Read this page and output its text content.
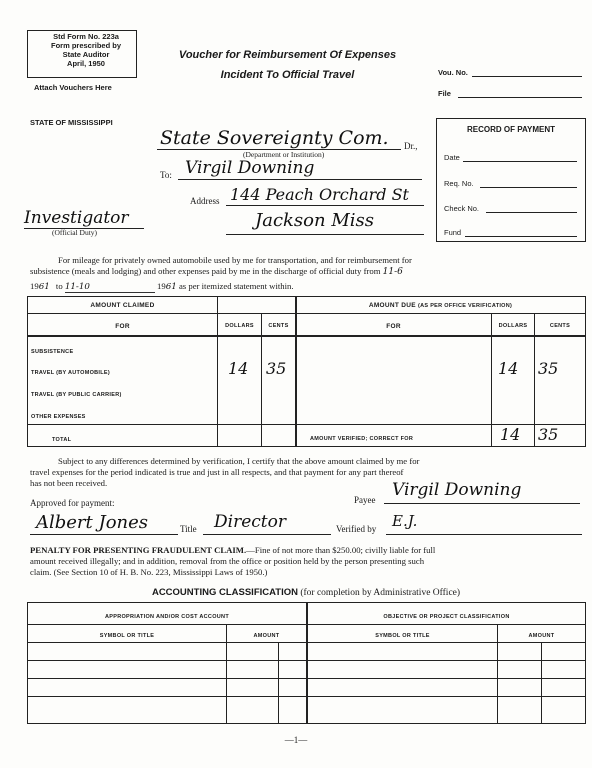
Std Form No. 223a
Form prescribed by
State Auditor
April, 1950
Attach Vouchers Here
Voucher for Reimbursement Of Expenses
Incident To Official Travel	Vou. No.
File
STATE OF MISSISSIPPI
State Sovereignty Com. Dr.,
(Department or Institution)
To: Virgil Downing
Address 144 Peach Orchard St
Jackson Miss
Investigator
(Official Duty)
RECORD OF PAYMENT
Date
Req. No.
Check No.
Fund
For mileage for privately owned automobile used by me for transportation, and for reimbursement for
subsistence (meals and lodging) and other expenses paid by me in the discharge of official duty from 11-6
1961 to 11-10	1961 as per itemized statement within.
AMOUNT CLAIMED	AMOUNT DUE (AS PER OFFICE VERIFICATION)
FOR	DOLLARS	CENTS	FOR	DOLLARS	CENTS
SUBSISTENCE
TRAVEL (BY AUTOMOBILE)	14 35	14 35
TRAVEL (BY PUBLIC CARRIER)
OTHER EXPENSES
TOTAL	AMOUNT VERIFIED; CORRECT FOR	14 35
Subject to any differences determined by verification, I certify that the above amount claimed by me for
travel expenses for the period indicated is true and just in all respects, and that payment for any part thereof
has not been received.
Payee Virgil Downing
Approved for payment:
Albert Jones	Title Director	Verified by E.J.
PENALTY FOR PRESENTING FRAUDULENT CLAIM.—Fine of not more than $250.00; civilly liable for full
amount received illegally; and in addition, removal from the office or position held by the person presenting such
claim. (See Section 10 of H. B. No. 223, Mississippi Laws of 1950.)
ACCOUNTING CLASSIFICATION (for completion by Administrative Office)
APPROPRIATION AND/OR COST ACCOUNT	OBJECTIVE OR PROJECT CLASSIFICATION
SYMBOL OR TITLE	AMOUNT	SYMBOL OR TITLE	AMOUNT
—1—
